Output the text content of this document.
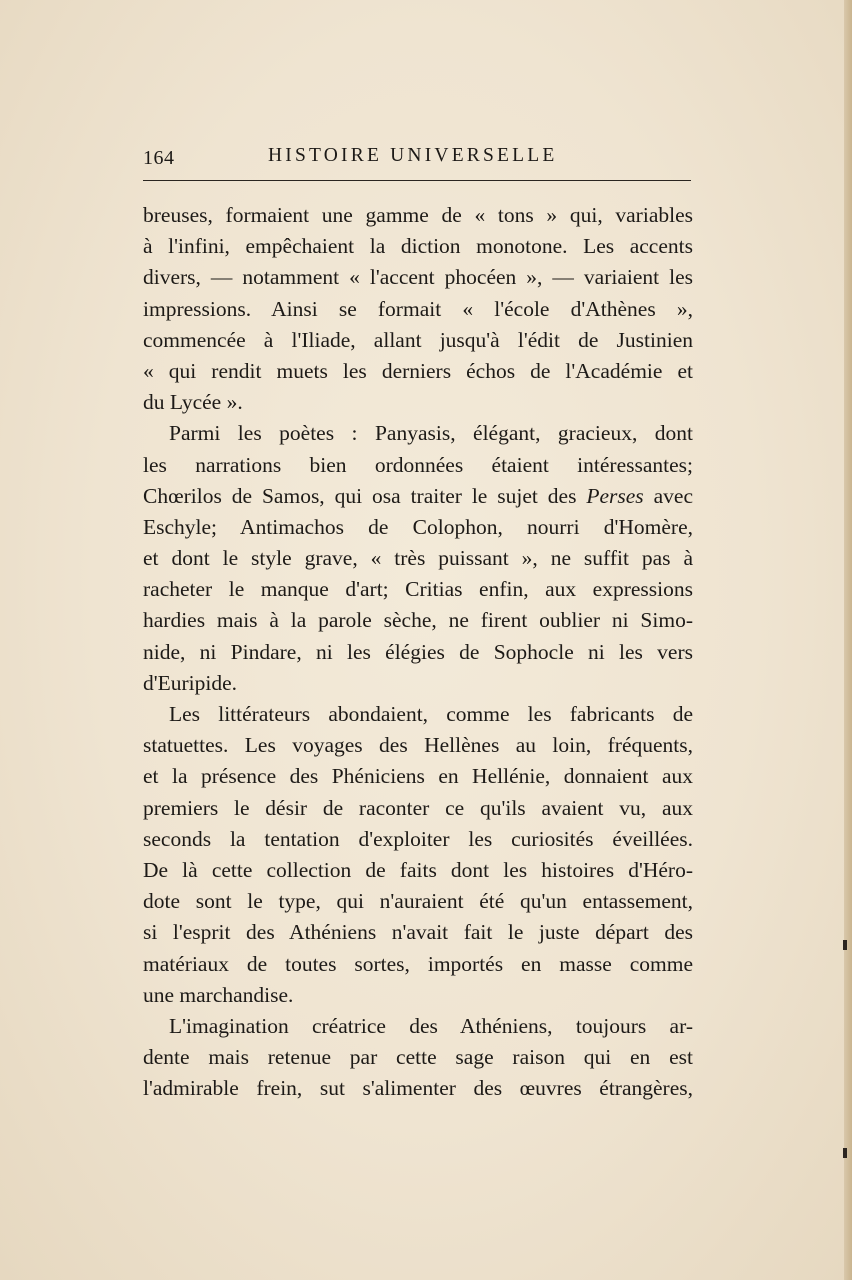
164	HISTOIRE UNIVERSELLE
breuses, formaient une gamme de « tons » qui, variables
à l'infini, empêchaient la diction monotone. Les accents
divers, — notamment « l'accent phocéen », — variaient les
impressions. Ainsi se formait « l'école d'Athènes »,
commencée à l'Iliade, allant jusqu'à l'édit de Justinien
« qui rendit muets les derniers échos de l'Académie et
du Lycée ».
Parmi les poètes : Panyasis, élégant, gracieux, dont
les narrations bien ordonnées étaient intéressantes;
Chœrilos de Samos, qui osa traiter le sujet des Perses avec
Eschyle; Antimachos de Colophon, nourri d'Homère,
et dont le style grave, « très puissant », ne suffit pas à
racheter le manque d'art; Critias enfin, aux expressions
hardies mais à la parole sèche, ne firent oublier ni Simo-
nide, ni Pindare, ni les élégies de Sophocle ni les vers
d'Euripide.
Les littérateurs abondaient, comme les fabricants de
statuettes. Les voyages des Hellènes au loin, fréquents,
et la présence des Phéniciens en Hellénie, donnaient aux
premiers le désir de raconter ce qu'ils avaient vu, aux
seconds la tentation d'exploiter les curiosités éveillées.
De là cette collection de faits dont les histoires d'Héro-
dote sont le type, qui n'auraient été qu'un entassement,
si l'esprit des Athéniens n'avait fait le juste départ des
matériaux de toutes sortes, importés en masse comme
une marchandise.
L'imagination créatrice des Athéniens, toujours ar-
dente mais retenue par cette sage raison qui en est
l'admirable frein, sut s'alimenter des œuvres étrangères,
